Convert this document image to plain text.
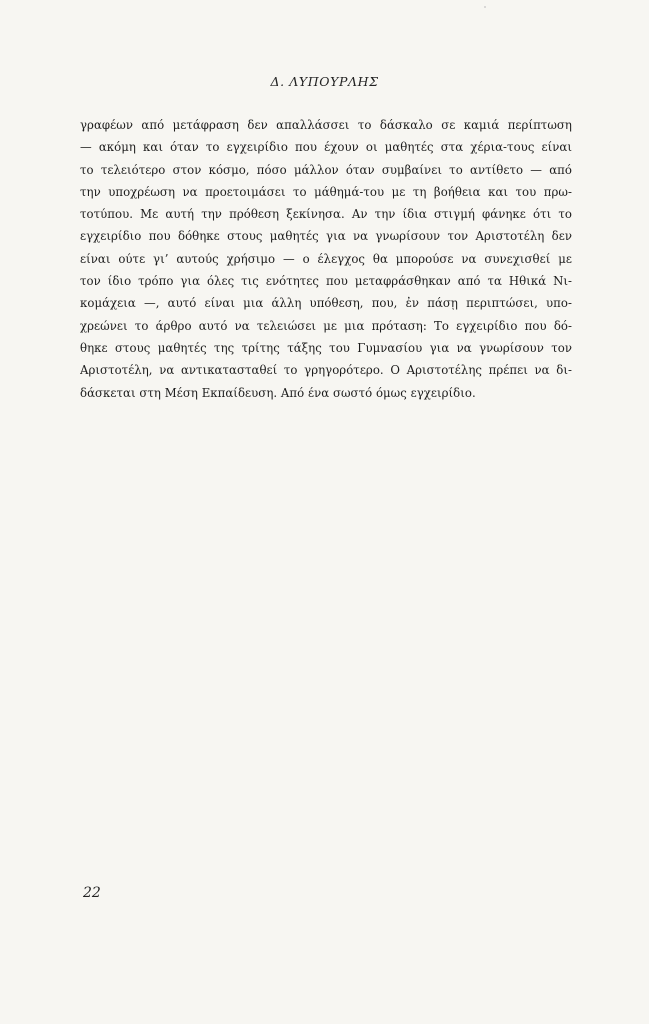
Δ. ΛΥΠΟΥΡΛΗΣ
γραφέων από μετάφραση δεν απαλλάσσει το δάσκαλο σε καμιά περίπτωση
— ακόμη και όταν το εγχειρίδιο που έχουν οι μαθητές στα χέρια-τους είναι
το τελειότερο στον κόσμο, πόσο μάλλον όταν συμβαίνει το αντίθετο — από
την υποχρέωση να προετοιμάσει το μάθημά-του με τη βοήθεια και του πρω-
τοτύπου. Με αυτή την πρόθεση ξεκίνησα. Αν την ίδια στιγμή φάνηκε ότι το
εγχειρίδιο που δόθηκε στους μαθητές για να γνωρίσουν τον Αριστοτέλη δεν
είναι ούτε γι’ αυτούς χρήσιμο — ο έλεγχος θα μπορούσε να συνεχισθεί με
τον ίδιο τρόπο για όλες τις ενότητες που μεταφράσθηκαν από τα Ηθικά Νι-
κομάχεια —, αυτό είναι μια άλλη υπόθεση, που, ἐν πάσῃ περιπτώσει, υπο-
χρεώνει το άρθρο αυτό να τελειώσει με μια πρόταση: Το εγχειρίδιο που δό-
θηκε στους μαθητές της τρίτης τάξης του Γυμνασίου για να γνωρίσουν τον
Αριστοτέλη, να αντικατασταθεί το γρηγορότερο. Ο Αριστοτέλης πρέπει να δι-
δάσκεται στη Μέση Εκπαίδευση. Από ένα σωστό όμως εγχειρίδιο.
22
